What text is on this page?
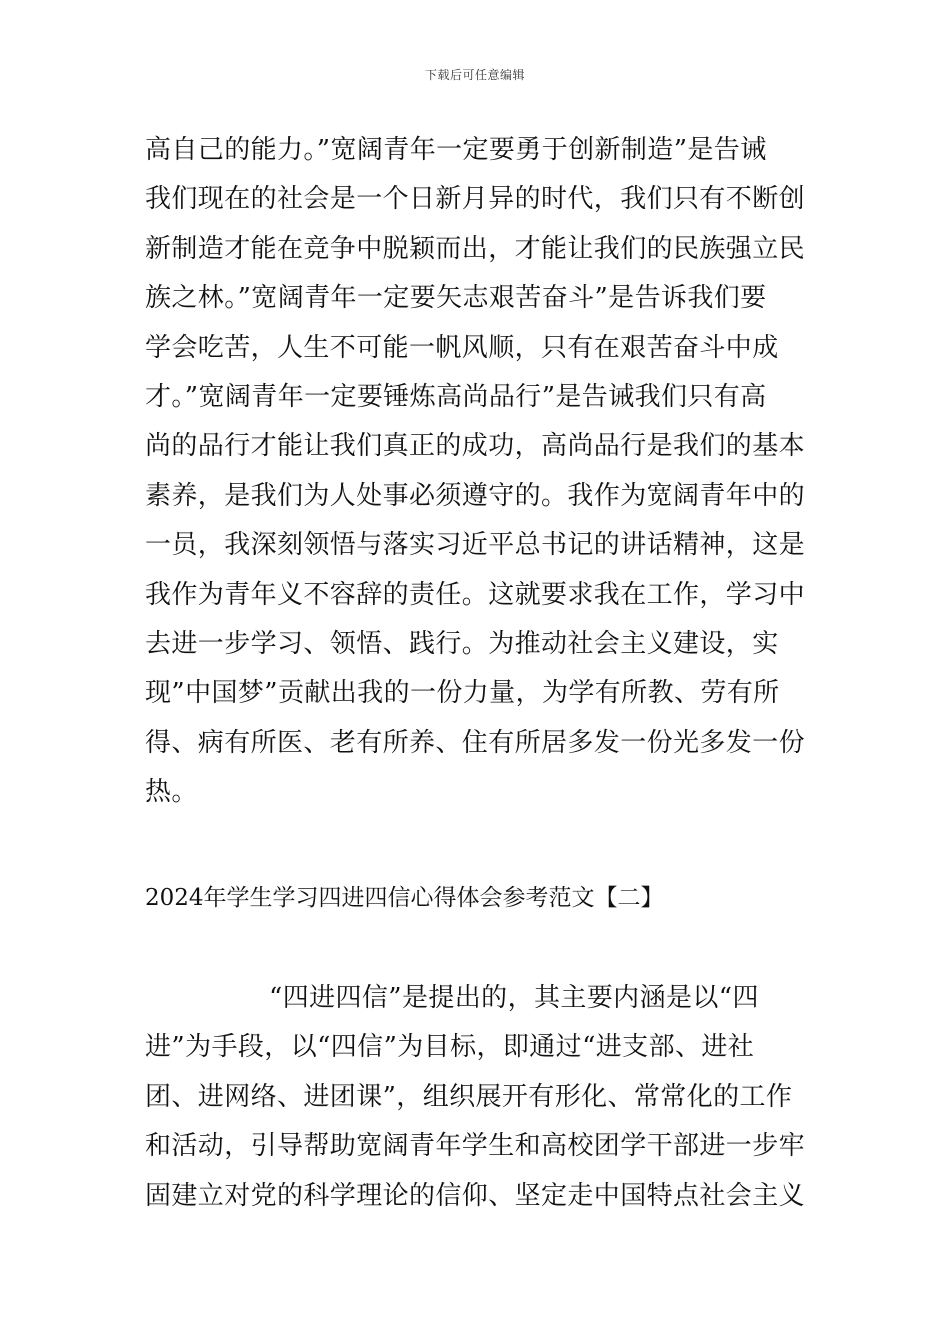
下载后可任意编辑
高自己的能力。”宽阔青年一定要勇于创新制造”是告诫
我们现在的社会是一个日新月异的时代，我们只有不断创
新制造才能在竞争中脱颖而出，才能让我们的民族强立民
族之林。”宽阔青年一定要矢志艰苦奋斗”是告诉我们要
学会吃苦，人生不可能一帆风顺，只有在艰苦奋斗中成
才。”宽阔青年一定要锤炼高尚品行”是告诫我们只有高
尚的品行才能让我们真正的成功，高尚品行是我们的基本
素养，是我们为人处事必须遵守的。我作为宽阔青年中的
一员，我深刻领悟与落实习近平总书记的讲话精神，这是
我作为青年义不容辞的责任。这就要求我在工作，学习中
去进一步学习、领悟、践行。为推动社会主义建设，实
现”中国梦”贡献出我的一份力量，为学有所教、劳有所
得、病有所医、老有所养、住有所居多发一份光多发一份
热。
2024年学生学习四进四信心得体会参考范文【二】
“四进四信”是提出的，其主要内涵是以“四
进”为手段，以“四信”为目标，即通过“进支部、进社
团、进网络、进团课”，组织展开有形化、常常化的工作
和活动，引导帮助宽阔青年学生和高校团学干部进一步牢
固建立对党的科学理论的信仰、坚定走中国特点社会主义
